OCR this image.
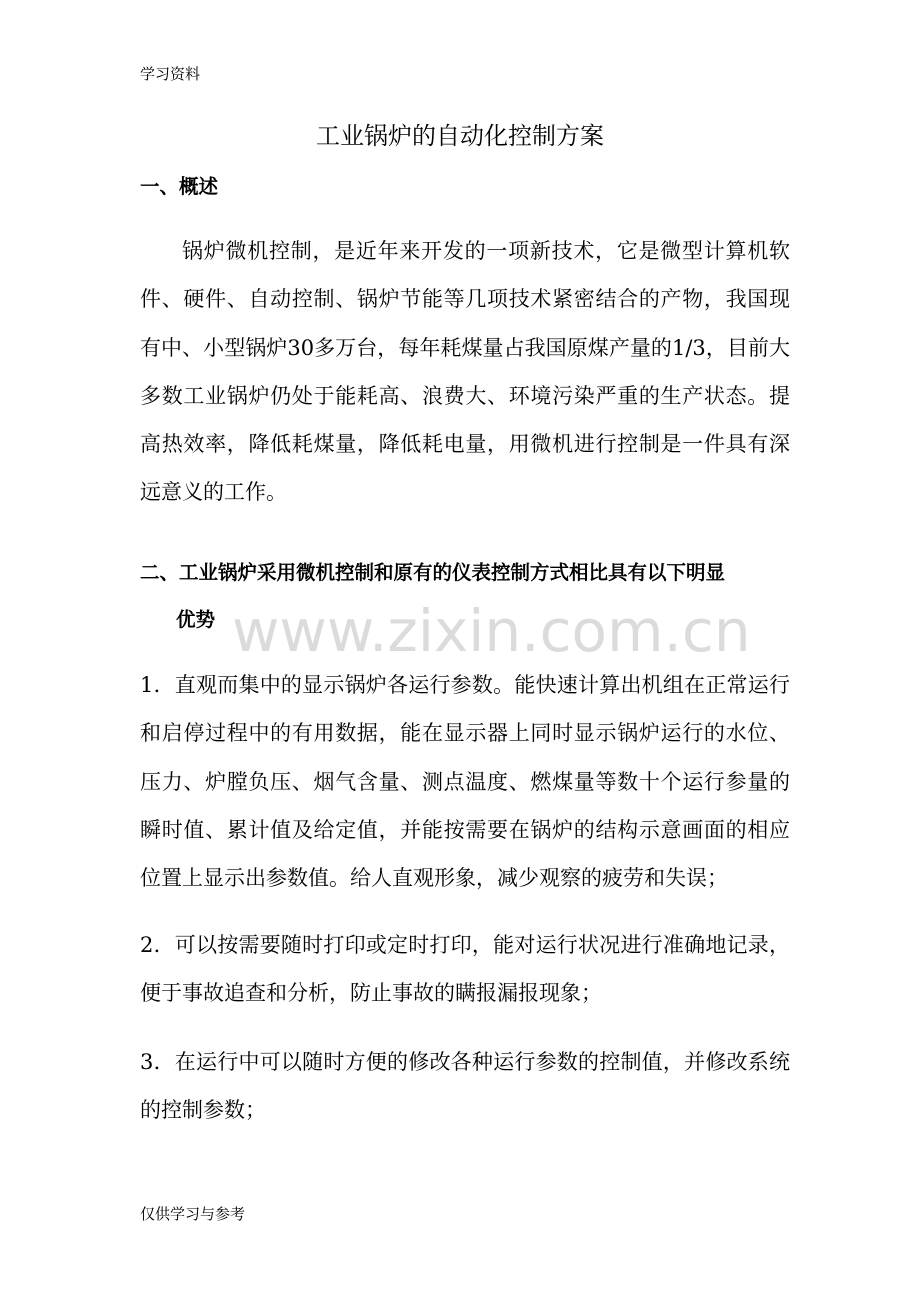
学习资料
工业锅炉的自动化控制方案
一、概述
锅炉微机控制，是近年来开发的一项新技术，它是微型计算机软件、硬件、自动控制、锅炉节能等几项技术紧密结合的产物，我国现有中、小型锅炉30多万台，每年耗煤量占我国原煤产量的1/3，目前大多数工业锅炉仍处于能耗高、浪费大、环境污染严重的生产状态。提高热效率，降低耗煤量，降低耗电量，用微机进行控制是一件具有深远意义的工作。
二、工业锅炉采用微机控制和原有的仪表控制方式相比具有以下明显
优势
1．直观而集中的显示锅炉各运行参数。能快速计算出机组在正常运行和启停过程中的有用数据，能在显示器上同时显示锅炉运行的水位、压力、炉膛负压、烟气含量、测点温度、燃煤量等数十个运行参量的瞬时值、累计值及给定值，并能按需要在锅炉的结构示意画面的相应位置上显示出参数值。给人直观形象，减少观察的疲劳和失误；
2．可以按需要随时打印或定时打印，能对运行状况进行准确地记录，便于事故追查和分析，防止事故的瞒报漏报现象；
3．在运行中可以随时方便的修改各种运行参数的控制值，并修改系统的控制参数；
www.zixin.com.cn
仅供学习与参考
